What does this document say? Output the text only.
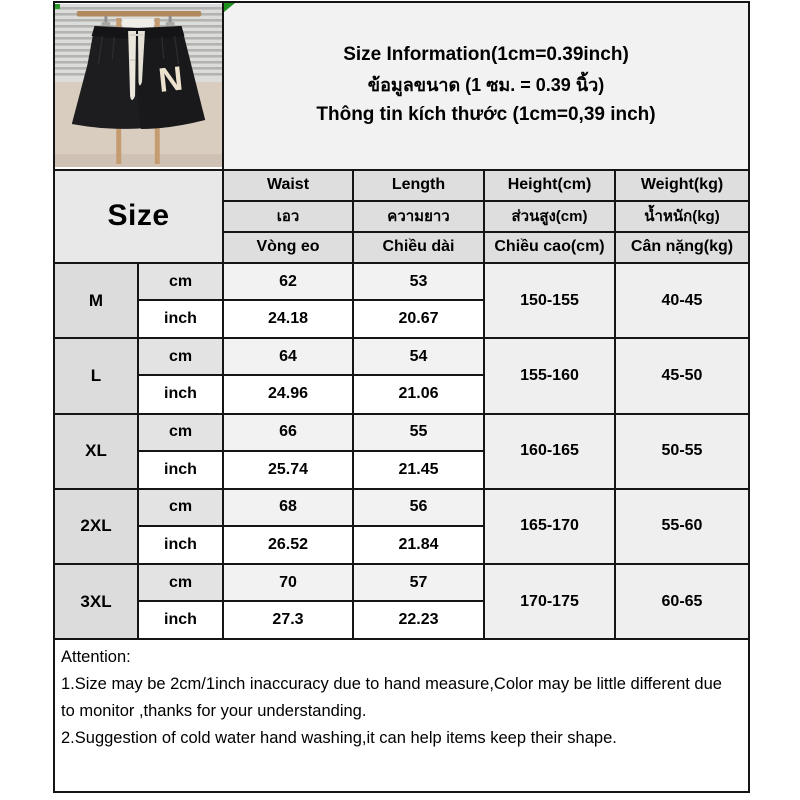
N		Size Information(1cm=0.39inch)
ข้อมูลขนาด (1 ซม. = 0.39 นิ้ว)
Thông tin kích thước (1cm=0,39 inch)			

Size		Waist	Length	Height(cm)	Weight(kg)
		เอว	ความยาว	ส่วนสูง(cm)	น้ำหนัก(kg)
		Vòng eo	Chiều dài	Chiều cao(cm)	Cân nặng(kg)
M	cm	62	53	150-155	40-45
	inch	24.18	20.67		
L	cm	64	54	155-160	45-50
	inch	24.96	21.06		
XL	cm	66	55	160-165	50-55
	inch	25.74	21.45		
2XL	cm	68	56	165-170	55-60
	inch	26.52	21.84		
3XL	cm	70	57	170-175	60-65
	inch	27.3	22.23		

Attention:
1.Size may be 2cm/1inch inaccuracy due to hand measure,Color may be little different due to monitor ,thanks for your understanding.
2.Suggestion of cold water hand washing,it can help items keep their shape.					
